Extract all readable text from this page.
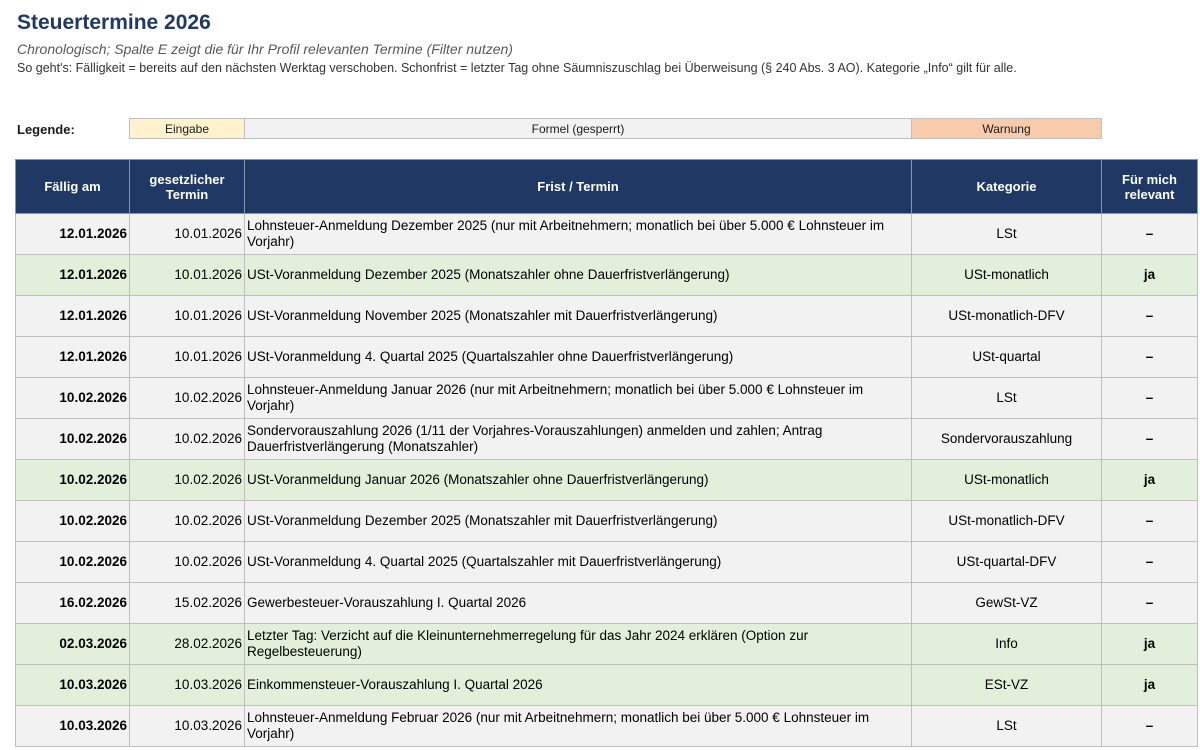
Steuertermine 2026
Chronologisch; Spalte E zeigt die für Ihr Profil relevanten Termine (Filter nutzen)
So geht's: Fälligkeit = bereits auf den nächsten Werktag verschoben. Schonfrist = letzter Tag ohne Säumniszuschlag bei Überweisung (§ 240 Abs. 3 AO). Kategorie „Info“ gilt für alle.
Legende:	Eingabe	Formel (gesperrt)	Warnung
Fällig am	gesetzlicher Termin	Frist / Termin	Kategorie	Für mich relevant
12.01.2026	10.01.2026	Lohnsteuer-Anmeldung Dezember 2025 (nur mit Arbeitnehmern; monatlich bei über 5.000 € Lohnsteuer im Vorjahr)	LSt	–
12.01.2026	10.01.2026	USt-Voranmeldung Dezember 2025 (Monatszahler ohne Dauerfristverlängerung)	USt-monatlich	ja
12.01.2026	10.01.2026	USt-Voranmeldung November 2025 (Monatszahler mit Dauerfristverlängerung)	USt-monatlich-DFV	–
12.01.2026	10.01.2026	USt-Voranmeldung 4. Quartal 2025 (Quartalszahler ohne Dauerfristverlängerung)	USt-quartal	–
10.02.2026	10.02.2026	Lohnsteuer-Anmeldung Januar 2026 (nur mit Arbeitnehmern; monatlich bei über 5.000 € Lohnsteuer im Vorjahr)	LSt	–
10.02.2026	10.02.2026	Sondervorauszahlung 2026 (1/11 der Vorjahres-Vorauszahlungen) anmelden und zahlen; Antrag Dauerfristverlängerung (Monatszahler)	Sondervorauszahlung	–
10.02.2026	10.02.2026	USt-Voranmeldung Januar 2026 (Monatszahler ohne Dauerfristverlängerung)	USt-monatlich	ja
10.02.2026	10.02.2026	USt-Voranmeldung Dezember 2025 (Monatszahler mit Dauerfristverlängerung)	USt-monatlich-DFV	–
10.02.2026	10.02.2026	USt-Voranmeldung 4. Quartal 2025 (Quartalszahler mit Dauerfristverlängerung)	USt-quartal-DFV	–
16.02.2026	15.02.2026	Gewerbesteuer-Vorauszahlung I. Quartal 2026	GewSt-VZ	–
02.03.2026	28.02.2026	Letzter Tag: Verzicht auf die Kleinunternehmerregelung für das Jahr 2024 erklären (Option zur Regelbesteuerung)	Info	ja
10.03.2026	10.03.2026	Einkommensteuer-Vorauszahlung I. Quartal 2026	ESt-VZ	ja
10.03.2026	10.03.2026	Lohnsteuer-Anmeldung Februar 2026 (nur mit Arbeitnehmern; monatlich bei über 5.000 € Lohnsteuer im Vorjahr)	LSt	–
